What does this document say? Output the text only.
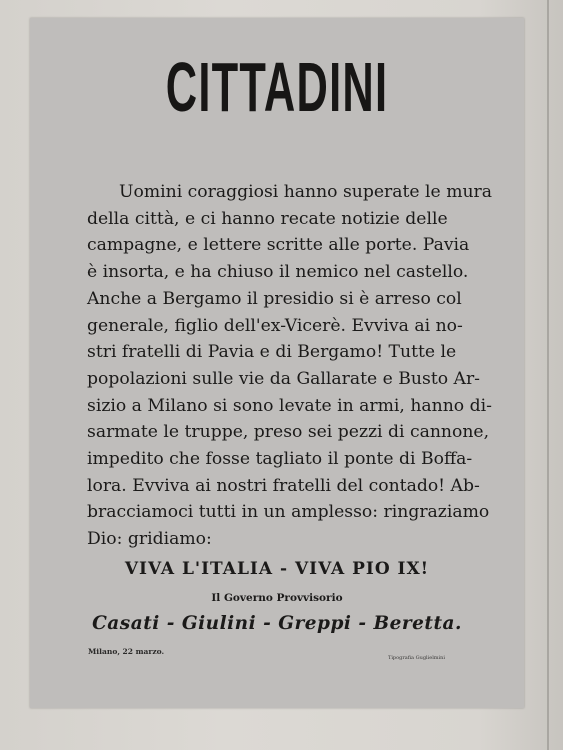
CITTADINI
Uomini coraggiosi hanno superate le mura
della città, e ci hanno recate notizie delle
campagne, e lettere scritte alle porte. Pavia
è insorta, e ha chiuso il nemico nel castello.
Anche a Bergamo il presidio si è arreso col
generale, figlio dell'ex-Vicerè. Evviva ai no-
stri fratelli di Pavia e di Bergamo! Tutte le
popolazioni sulle vie da Gallarate e Busto Ar-
sizio a Milano si sono levate in armi, hanno di-
sarmate le truppe, preso sei pezzi di cannone,
impedito che fosse tagliato il ponte di Boffa-
lora. Evviva ai nostri fratelli del contado! Ab-
bracciamoci tutti in un amplesso: ringraziamo
Dio: gridiamo:
VIVA L'ITALIA - VIVA PIO IX!
Il Governo Provvisorio
Casati - Giulini - Greppi - Beretta.
Milano, 22 marzo.
Tipografia Guglielmini
